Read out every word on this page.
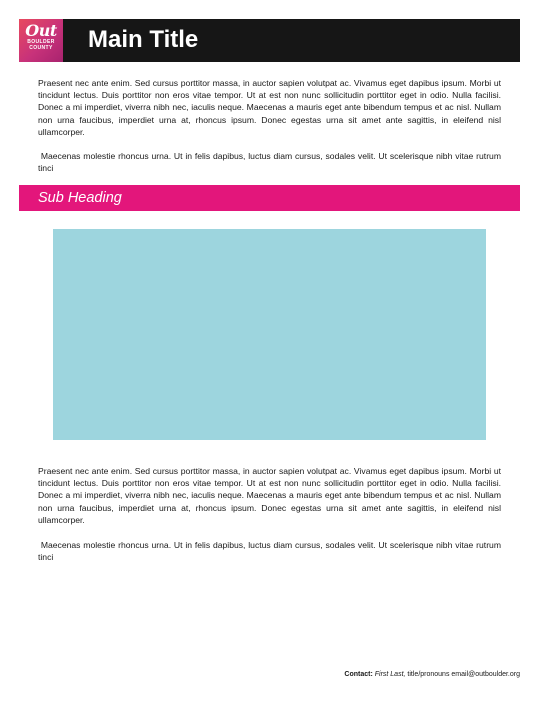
Out
BOULDER
COUNTY	Main Title

Praesent nec ante enim. Sed cursus porttitor massa, in auctor sapien volutpat ac. Vivamus eget dapibus ipsum. Morbi ut tincidunt lectus. Duis porttitor non eros vitae tempor. Ut at est non nunc sollicitudin porttitor eget in odio. Nulla facilisi. Donec a mi imperdiet, viverra nibh nec, iaculis neque. Maecenas a mauris eget ante bibendum tempus et ac nisl. Nullam non urna faucibus, imperdiet urna at, rhoncus ipsum. Donec egestas urna sit amet ante sagittis, in eleifend nisl ullamcorper.

Maecenas molestie rhoncus urna. Ut in felis dapibus, luctus diam cursus, sodales velit. Ut scelerisque nibh vitae rutrum tinci

Sub Heading

Praesent nec ante enim. Sed cursus porttitor massa, in auctor sapien volutpat ac. Vivamus eget dapibus ipsum. Morbi ut tincidunt lectus. Duis porttitor non eros vitae tempor. Ut at est non nunc sollicitudin porttitor eget in odio. Nulla facilisi. Donec a mi imperdiet, viverra nibh nec, iaculis neque. Maecenas a mauris eget ante bibendum tempus et ac nisl. Nullam non urna faucibus, imperdiet urna at, rhoncus ipsum. Donec egestas urna sit amet ante sagittis, in eleifend nisl ullamcorper.

Maecenas molestie rhoncus urna. Ut in felis dapibus, luctus diam cursus, sodales velit. Ut scelerisque nibh vitae rutrum tinci

Contact: First Last, title/pronouns email@outboulder.org
